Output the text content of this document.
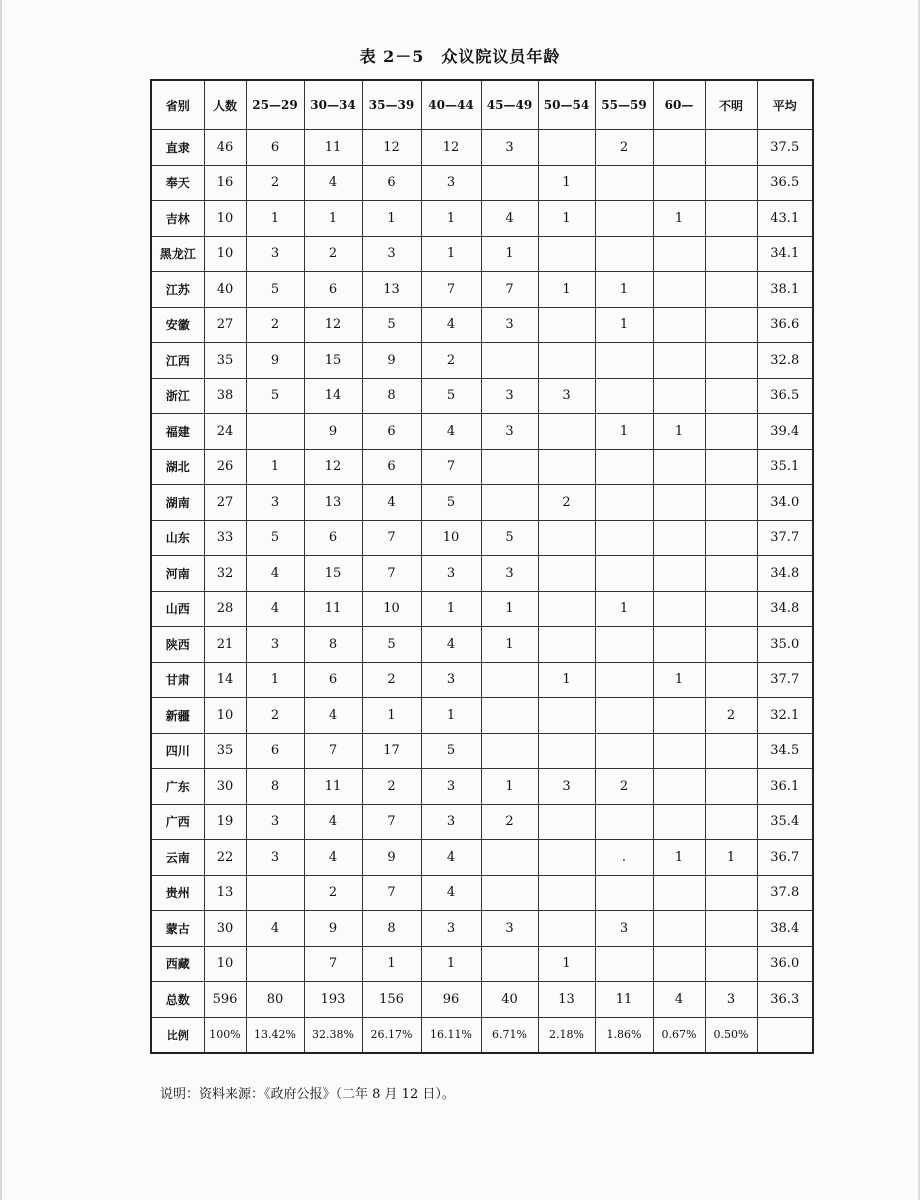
表 2－5　众议院议员年龄
省别	人数	25—29	30—34	35—39	40—44	45—49	50—54	55—59	60—	不明	平均
直隶	46	6	11	12	12	3		2			37.5
奉天	16	2	4	6	3		1				36.5
吉林	10	1	1	1	1	4	1		1		43.1
黑龙江	10	3	2	3	1	1					34.1
江苏	40	5	6	13	7	7	1	1			38.1
安徽	27	2	12	5	4	3		1			36.6
江西	35	9	15	9	2						32.8
浙江	38	5	14	8	5	3	3				36.5
福建	24		9	6	4	3		1	1		39.4
湖北	26	1	12	6	7						35.1
湖南	27	3	13	4	5		2				34.0
山东	33	5	6	7	10	5					37.7
河南	32	4	15	7	3	3					34.8
山西	28	4	11	10	1	1		1			34.8
陕西	21	3	8	5	4	1					35.0
甘肃	14	1	6	2	3		1		1		37.7
新疆	10	2	4	1	1					2	32.1
四川	35	6	7	17	5						34.5
广东	30	8	11	2	3	1	3	2			36.1
广西	19	3	4	7	3	2					35.4
云南	22	3	4	9	4			.	1	1	36.7
贵州	13		2	7	4						37.8
蒙古	30	4	9	8	3	3		3			38.4
西藏	10		7	1	1		1				36.0
总数	596	80	193	156	96	40	13	11	4	3	36.3
比例	100%	13.42%	32.38%	26.17%	16.11%	6.71%	2.18%	1.86%	0.67%	0.50%	
说明：资料来源：《政府公报》（二年 8 月 12 日）。
